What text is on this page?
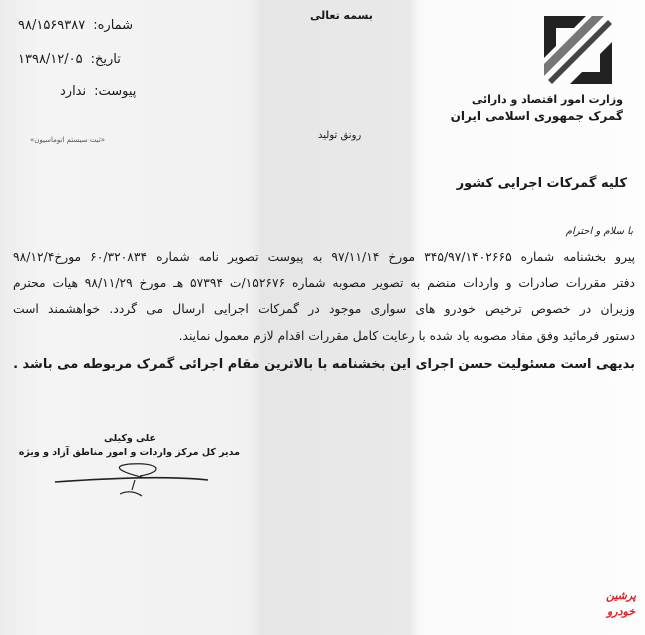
وزارت امور اقتصاد و دارائی
گمرک جمهوری اسلامی ایران
بسمه تعالی
رونق تولید
شماره:۹۸/۱۵۶۹۳۸۷
تاریخ:۱۳۹۸/۱۲/۰۵
پیوست:ندارد
«ثبت سیستم اتوماسیون»
کلیه گمرکات اجرایی کشور
با سلام و احترام
پیرو بخشنامه شماره ۳۴۵/۹۷/۱۴۰۲۶۶۵ مورخ ۹۷/۱۱/۱۴ به پیوست تصویر نامه شماره ۶۰/۳۲۰۸۳۴ مورخ۹۸/۱۲/۴
دفتر مقررات صادرات و واردات منضم به تصویر مصوبه شماره ۱۵۲۶۷۶/ت ۵۷۳۹۴ هـ مورخ ۹۸/۱۱/۲۹ هیات محترم
وزیران در خصوص ترخیص خودرو های سواری موجود در گمرکات اجرایی ارسال می گردد. خواهشمند است
دستور فرمائید وفق مفاد مصوبه یاد شده با رعایت کامل مقررات اقدام لازم معمول نمایند.
بدیهی است مسئولیت حسن اجرای این بخشنامه با بالاترین مقام اجرائی گمرک مربوطه می باشد .
علی وکیلی
مدیر کل مرکز واردات و امور مناطق آزاد و ویژه
پرشین
خودرو
